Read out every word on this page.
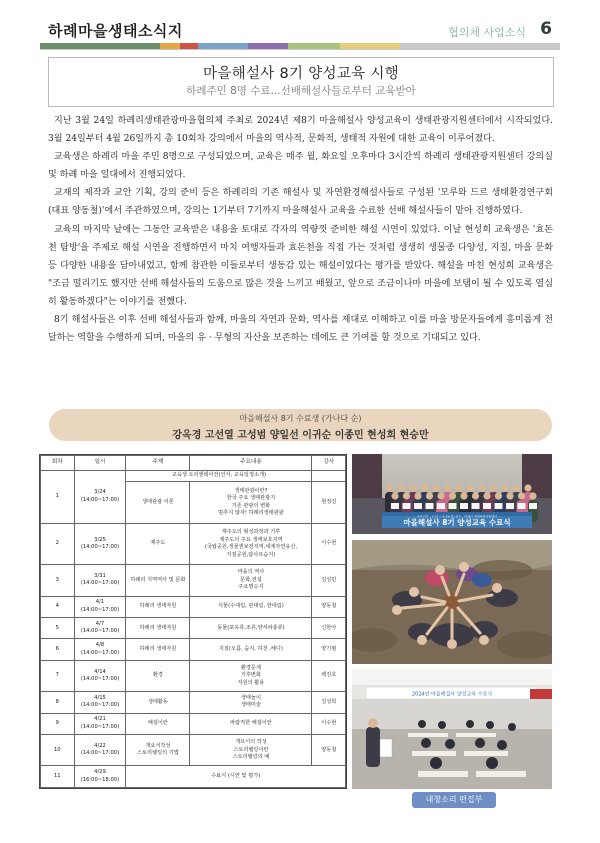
하례마을생태소식지	협의체 사업소식 6
마을해설사 8기 양성교육 시행
하례주민 8명 수료...선배해설사들로부터 교육받아

지난 3월 24일 하례리생태관광마을협의체 주최로 2024년 제8기 마을해설사 양성교육이 생태관광지원센터에서 시작되었다. 3월 24일부터 4월 26일까지 총 10회차 강의에서 마을의 역사적, 문화적, 생태적 자원에 대한 교육이 이루어졌다.

교육생은 하례리 마을 주민 8명으로 구성되었으며, 교육은 매주 월, 화요일 오후마다 3시간씩 하례리 생태관광지원센터 강의실 및 하례 마을 일대에서 진행되었다.

교재의 제작과 교안 기획, 강의 준비 등은 하례리의 기존 해설사 및 자연환경해설사들로 구성된 '모루와 드르 생태환경연구회(대표 양동철)'에서 주관하였으며, 강의는 1기부터 7기까지 마을해설사 교육을 수료한 선배 해설사들이 맡아 진행하였다.

교육의 마지막 날에는 그동안 교육받은 내용을 토대로 각자의 역량껏 준비한 해설 시연이 있었다. 이날 현성희 교육생은 '효돈천 탐방'을 주제로 해설 시연을 진행하면서 마치 여행자들과 효돈천을 직접 가는 것처럼 생생히 생물종 다양성, 지질, 마을 문화 등 다양한 내용을 담아내었고, 함께 참관한 이들로부터 생동감 있는 해설이었다는 평가를 받았다. 해설을 마친 현성희 교육생은 "조금 떨리기도 했지만 선배 해설사들의 도움으로 많은 것을 느끼고 배웠고, 앞으로 조금이나마 마을에 보탬이 될 수 있도록 열심히 활동하겠다"는 이야기를 전했다.

8기 해설사들은 이후 선배 해설사들과 함께, 마을의 자연과 문화, 역사를 제대로 이해하고 이를 마을 방문자들에게 흥미롭게 전달하는 역할을 수행하게 되며, 마을의 유 · 무형의 자산을 보존하는 데에도 큰 기여를 할 것으로 기대되고 있다.

마을해설사 8기 수료생 (가나다 순)
강옥경 고선열 고성범 양일선 이귀순 이종민 현성희 현승만
회차	일시	주제	주요내용	강사
1	3/24
(14:00~17:00)	교육생 오리엔테이션(인사, 교육일정소개)		
		생태관광 이론	생태관광이란?
한국 주요 생태관광지
기존 관광의 변화
멈추지 않자! 하례리생태관광	현정진
2	3/25
(14:00~17:00)	제주도	제주도의 형성과정과 기후
제주도의 주요 생태보호지역
(국립공원,생물권보전지역,세계자연유산,
지질공원,람사르습지)	이수현
3	3/31
(14:00~17:00)	하례리 지역역사 및 문화	마을의 역사
문화,전설
주요명승지	김성민
4	4/1
(14:00~17:00)	하례리 생태자원	식물(수대림, 관대림, 한대림)	양동철
5	4/7
(14:00~17:00)	하례리 생태자원	동물(포유류,조류,양서파충류)	신한아
6	4/8
(14:00~17:00)	하례리 생태자원	지질(오름, 습지, 하천 ,해디)	양기범
7	4/14
(14:00~17:00)	환경	환경문제
기후변화
자원의 활용	백진호
8	4/15
(14:00~17:00)	생태활동	생태놀이
생태미술	김성희
9	4/21
(14:00~17:00)	해설이란	바람직한 해설이란	이수현
10	4/22
(14:00~17:00)	개요서작성
스토리텔링의 기법	개요서의 작성
스토리텔링이란
스토리텔링의 예	양동철
11	4/29
(16:00~18:00)	수료식 (시연 및 평가)		
마을해설사 8기 양성교육 수료식
교육기간 : 3.24 ~ 4.29(월) 장소 : 하례리 생태관광지원센터
2024년 마을해설사 양성교육 수료식
내창소리 편집부
